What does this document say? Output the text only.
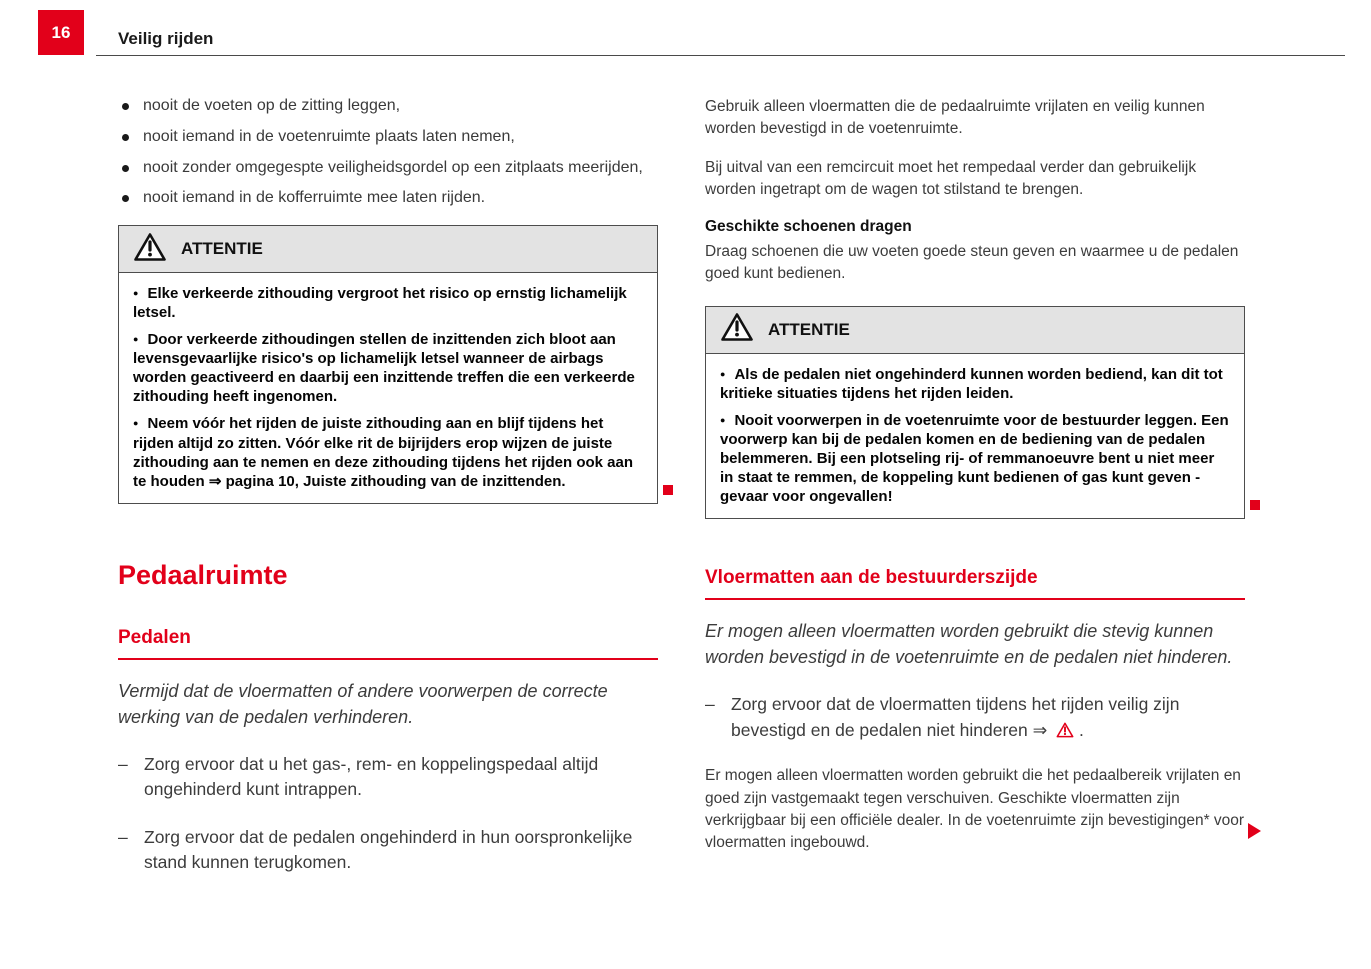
16	Veilig rijden
nooit de voeten op de zitting leggen,
nooit iemand in de voetenruimte plaats laten nemen,
nooit zonder omgegespte veiligheidsgordel op een zitplaats meerijden,
nooit iemand in de kofferruimte mee laten rijden.
ATTENTIE
● Elke verkeerde zithouding vergroot het risico op ernstig lichamelijk letsel.
● Door verkeerde zithoudingen stellen de inzittenden zich bloot aan levensgevaarlijke risico's op lichamelijk letsel wanneer de airbags worden geactiveerd en daarbij een inzittende treffen die een verkeerde zithouding heeft ingenomen.
● Neem vóór het rijden de juiste zithouding aan en blijf tijdens het rijden altijd zo zitten. Vóór elke rit de bijrijders erop wijzen de juiste zithouding aan te nemen en deze zithouding tijdens het rijden ook aan te houden ⇒ pagina 10, Juiste zithouding van de inzittenden.
Pedaalruimte
Pedalen
Vermijd dat de vloermatten of andere voorwerpen de correcte werking van de pedalen verhinderen.
– Zorg ervoor dat u het gas-, rem- en koppelingspedaal altijd ongehinderd kunt intrappen.
– Zorg ervoor dat de pedalen ongehinderd in hun oorspronkelijke stand kunnen terugkomen.
Gebruik alleen vloermatten die de pedaalruimte vrijlaten en veilig kunnen worden bevestigd in de voetenruimte.
Bij uitval van een remcircuit moet het rempedaal verder dan gebruikelijk worden ingetrapt om de wagen tot stilstand te brengen.
Geschikte schoenen dragen
Draag schoenen die uw voeten goede steun geven en waarmee u de pedalen goed kunt bedienen.
ATTENTIE
● Als de pedalen niet ongehinderd kunnen worden bediend, kan dit tot kritieke situaties tijdens het rijden leiden.
● Nooit voorwerpen in de voetenruimte voor de bestuurder leggen. Een voorwerp kan bij de pedalen komen en de bediening van de pedalen belemmeren. Bij een plotseling rij- of remmanoeuvre bent u niet meer in staat te remmen, de koppeling kunt bedienen of gas kunt geven - gevaar voor ongevallen!
Vloermatten aan de bestuurderszijde
Er mogen alleen vloermatten worden gebruikt die stevig kunnen worden bevestigd in de voetenruimte en de pedalen niet hinderen.
– Zorg ervoor dat de vloermatten tijdens het rijden veilig zijn bevestigd en de pedalen niet hinderen ⇒ .
Er mogen alleen vloermatten worden gebruikt die het pedaalbereik vrijlaten en goed zijn vastgemaakt tegen verschuiven. Geschikte vloermatten zijn verkrijgbaar bij een officiële dealer. In de voetenruimte zijn bevestigingen* voor vloermatten ingebouwd.
